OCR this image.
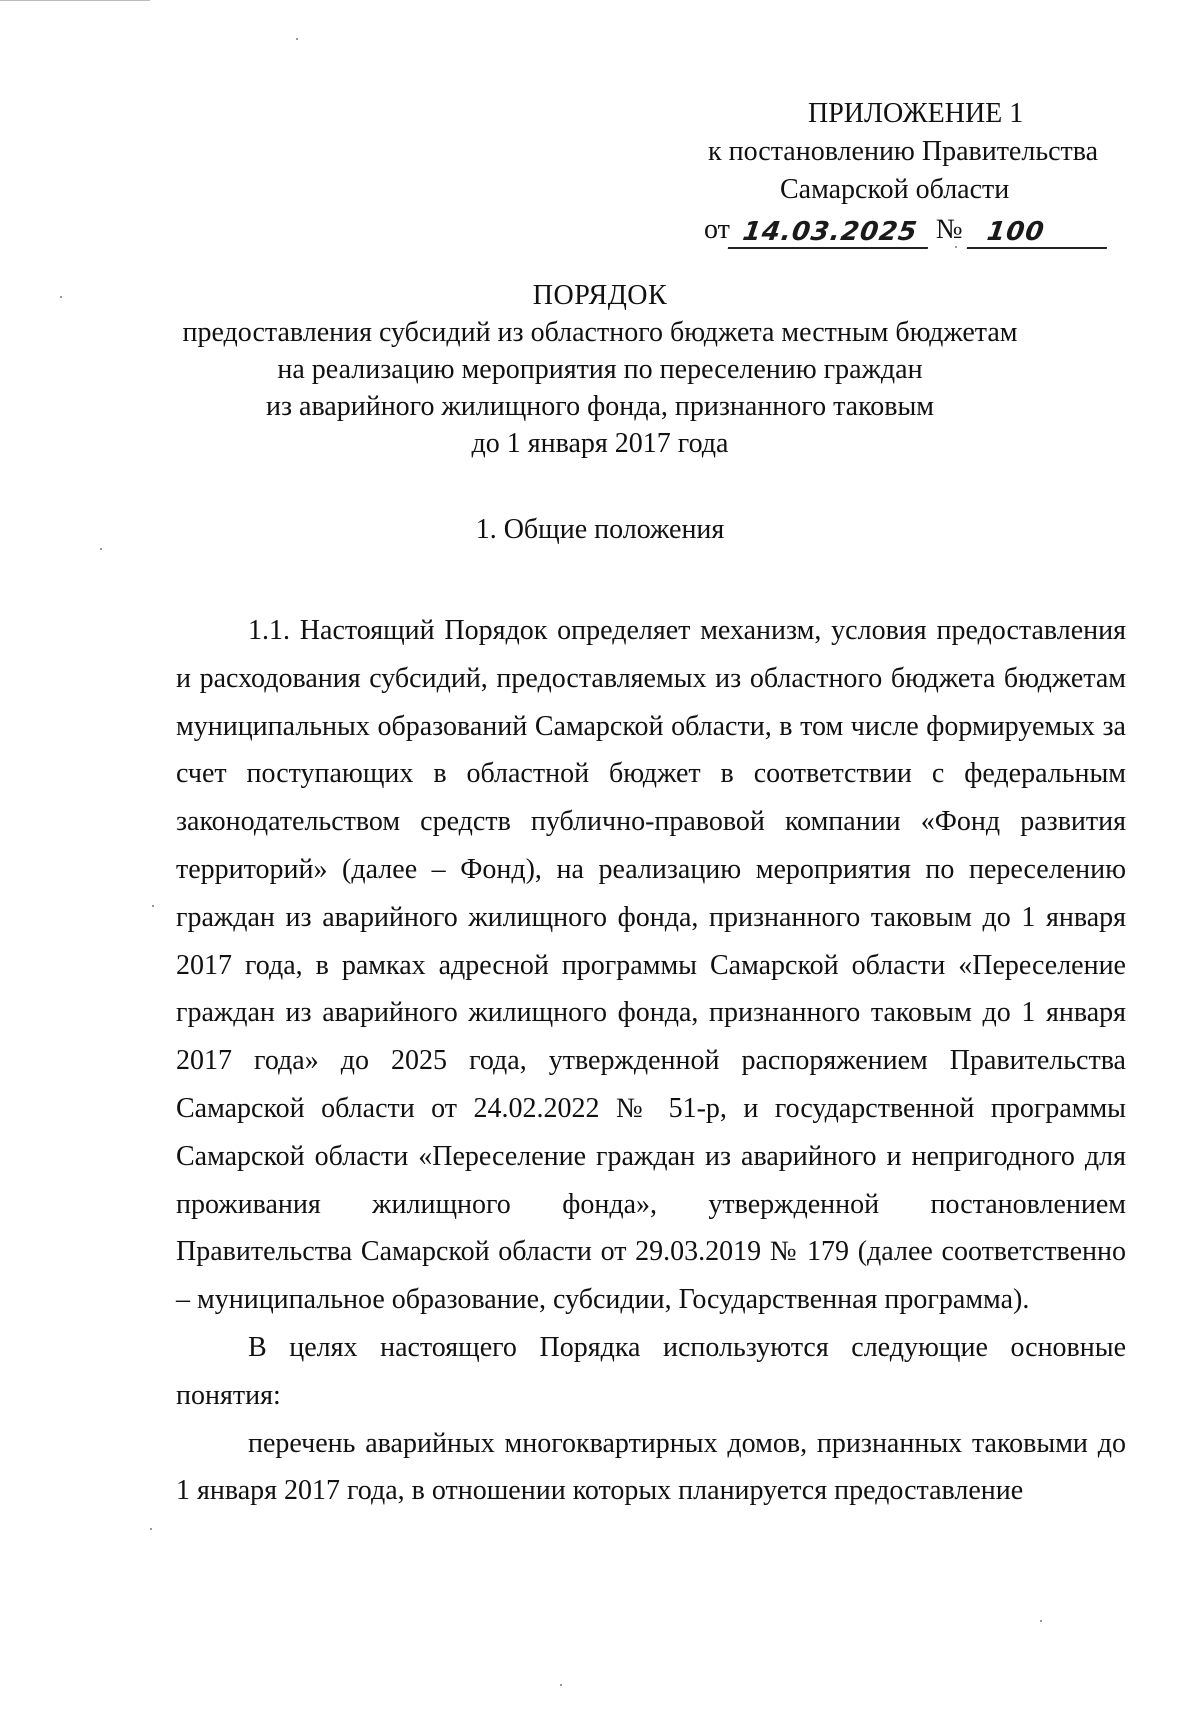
ПРИЛОЖЕНИЕ 1
к постановлению Правительства
Самарской области
от 14.03.2025 № 100
ПОРЯДОК
предоставления субсидий из областного бюджета местным бюджетам
на реализацию мероприятия по переселению граждан
из аварийного жилищного фонда, признанного таковым
до 1 января 2017 года
1. Общие положения

1.1. Настоящий Порядок определяет механизм, условия предоставления и расходования субсидий, предоставляемых из областного бюджета бюджетам муниципальных образований Самарской области, в том числе формируемых за счет поступающих в областной бюджет в соответствии с федеральным законодательством средств публично-правовой компании «Фонд развития территорий» (далее – Фонд), на реализацию мероприятия по переселению граждан из аварийного жилищного фонда, признанного таковым до 1 января 2017 года, в рамках адресной программы Самарской области «Переселение граждан из аварийного жилищного фонда, признанного таковым до 1 января 2017 года» до 2025 года, утвержденной распоряжением Правительства Самарской области от 24.02.2022 № 51-р, и государственной программы Самарской области «Переселение граждан из аварийного и непригодного для проживания жилищного фонда», утвержденной постановлением Правительства Самарской области от 29.03.2019 № 179 (далее соответственно – муниципальное образование, субсидии, Государственная программа).

В целях настоящего Порядка используются следующие основные понятия:

перечень аварийных многоквартирных домов, признанных таковыми до 1 января 2017 года, в отношении которых планируется предоставление
